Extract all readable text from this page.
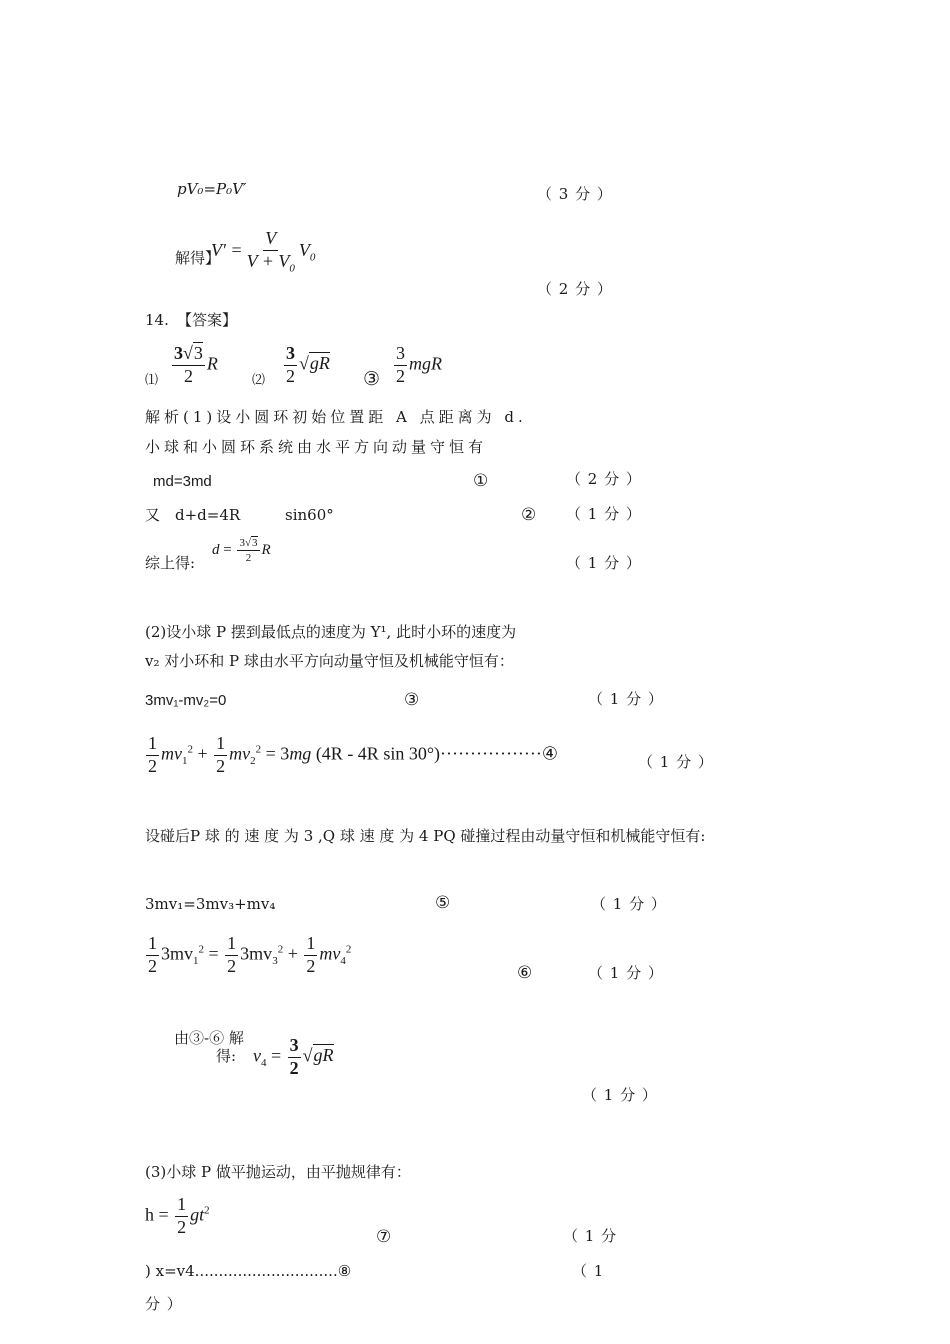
pV₀=P₀V′	（ 3 分 ）
解得】
$V' = \frac{V}{V + V_0} V_0$
（ 2 分 ）
14. 【答案】
⑴ $\frac{3√3}{2}$ R
⑵ $\frac{3}{2} √gR$
③ $\frac{3}{2}$ mgR
解析(1)设小圆环初始位置距 A 点距离为 d.
小球和小圆环系统由水平方向动量守恒有
md=3md	①	（ 2 分 ）
又 d+d=4R	sin60°	② （ 1 分 ）
综上得:
$d = \frac{3√3}{2}$ R
（ 1 分 ）
(2)设小球 P 摆到最低点的速度为 Y¹, 此时小环的速度为
v₂ 对小环和 P 球由水平方向动量守恒及机械能守恒有：
3mv₁-mv₂=0	③	（ 1 分 ）
$\frac{1}{2} mv_1^2 + \frac{1}{2} mv_2^2 = 3mg$ (4R - 4R sin 30°)·················④	（ 1 分 ）
设碰后P 球 的 速 度 为 3 ,Q 球 速 度 为 4 PQ 碰撞过程由动量守恒和机械能守恒有:
3mv₁=3mv₃+mv₄	⑤	（ 1 分 ）
$\frac{1}{2} 3mv_1^2 = \frac{1}{2} 3mv_3^2 + \frac{1}{2} mv_4^2$
⑥	（ 1 分 ）
由③-⑥ 解
得: $v_4 = \frac{3}{2} √gR$
（ 1 分 ）
(3)小球 P 做平抛运动，由平抛规律有：
$h = \frac{1}{2} gt^2$
⑦	（ 1 分
) x=v4..............................⑧	（ 1
分 ）
